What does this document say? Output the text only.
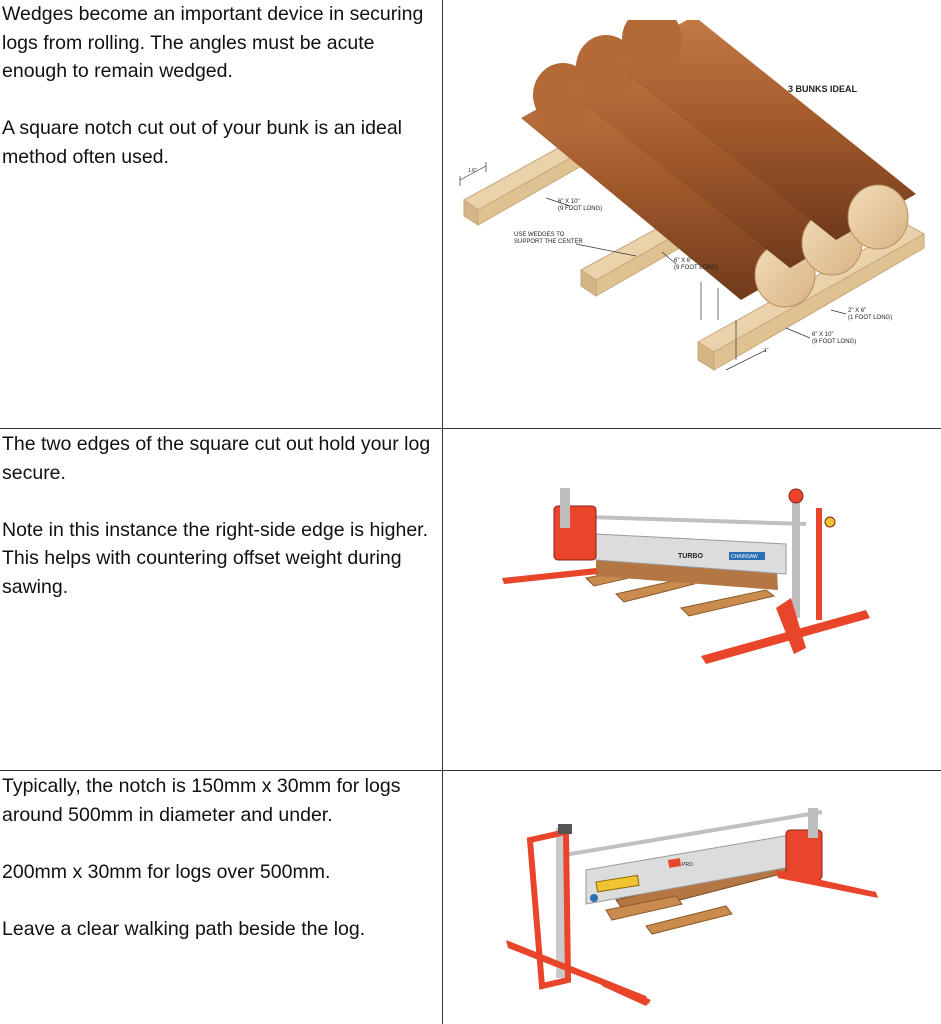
Wedges become an important device in securing logs from rolling. The angles must be acute enough to remain wedged.

A square notch cut out of your bunk is an ideal method often used.

The two edges of the square cut out hold your log secure.

Note in this instance the right-side edge is higher. This helps with countering offset weight during sawing.

Typically, the notch is 150mm x 30mm for logs around 500mm in diameter and under.

200mm x 30mm for logs over 500mm.

Leave a clear walking path beside the log.

3 BUNKS IDEAL
6" X 10"
(9 FOOT LONG)
USE WEDGES TO
SUPPORT THE CENTER
6" X 6"
(9 FOOT LONG)
2" X 6"
(1 FOOT LONG)
6" X 10"
(9 FOOT LONG)
1.6"
1"
TURBO	CHAINSAW
PRO
